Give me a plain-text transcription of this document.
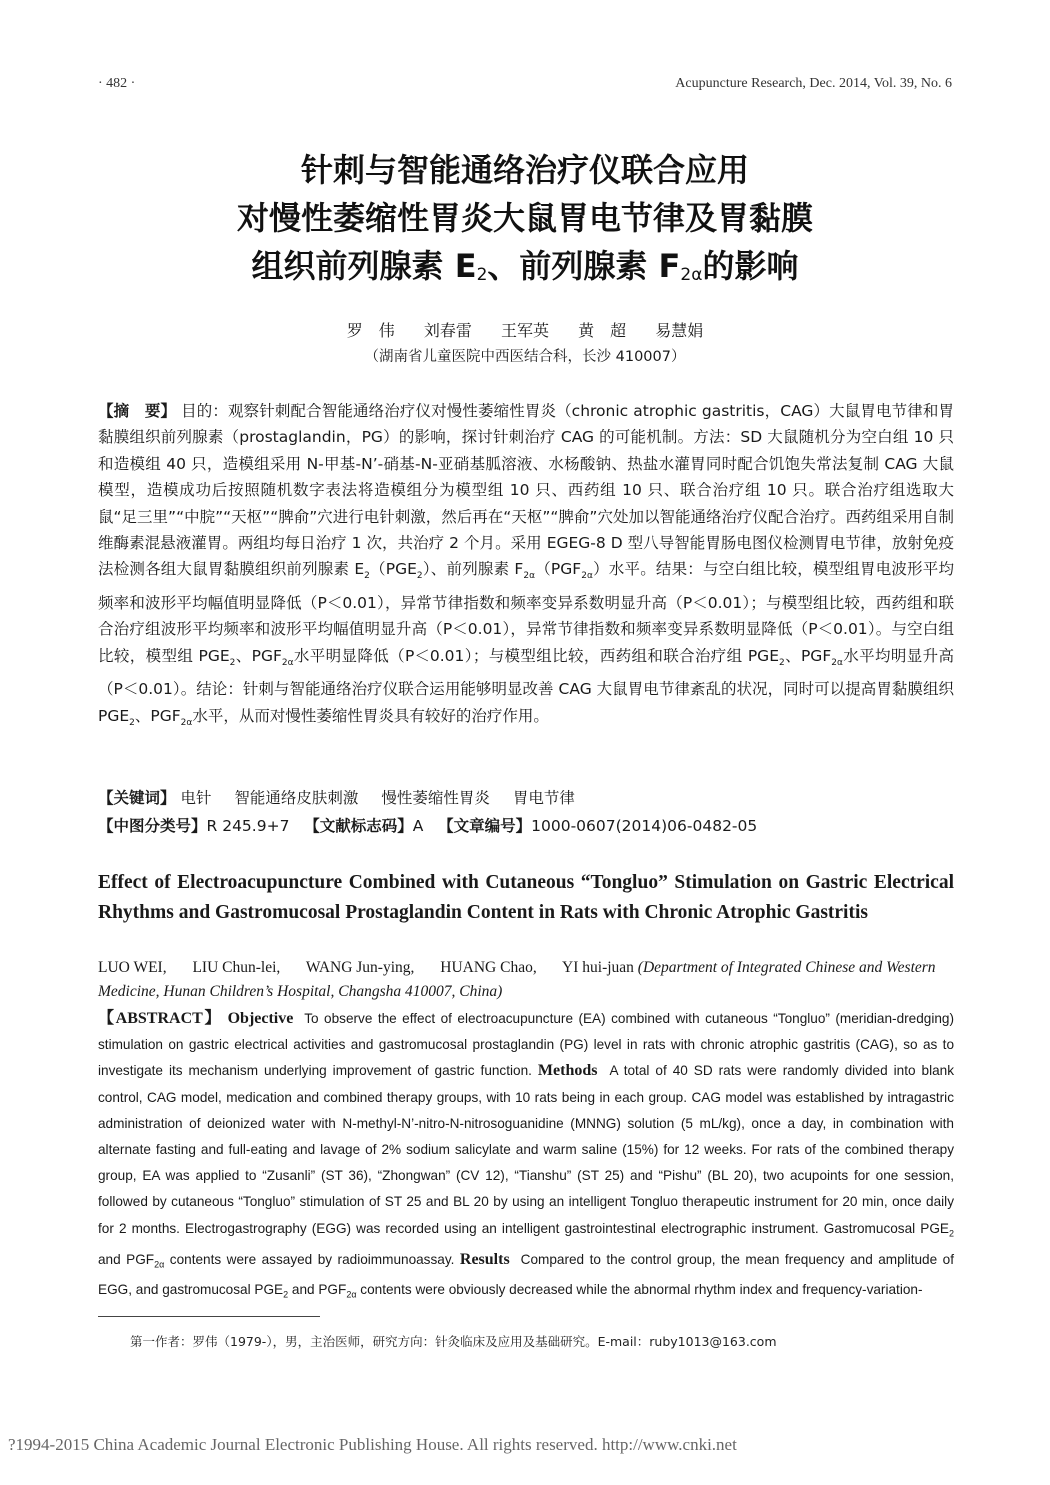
· 482 ·	Acupuncture Research, Dec. 2014, Vol. 39, No. 6
针刺与智能通络治疗仪联合应用
对慢性萎缩性胃炎大鼠胃电节律及胃黏膜
组织前列腺素 $E_2$、前列腺素 $F_{2\alpha}$的影响
罗　伟 刘春雷 王军英 黄　超 易慧娟
（湖南省儿童医院中西医结合科，长沙 410007）
【摘　要】 目的：观察针刺配合智能通络治疗仪对慢性萎缩性胃炎（chronic atrophic gastritis，CAG）大鼠胃电节律和胃黏膜组织前列腺素（prostaglandin，PG）的影响，探讨针刺治疗 CAG 的可能机制。方法：SD 大鼠随机分为空白组 10 只和造模组 40 只，造模组采用 N-甲基-N’-硝基-N-亚硝基胍溶液、水杨酸钠、热盐水灌胃同时配合饥饱失常法复制 CAG 大鼠模型，造模成功后按照随机数字表法将造模组分为模型组 10 只、西药组 10 只、联合治疗组 10 只。联合治疗组选取大鼠“足三里”“中脘”“天枢”“脾俞”穴进行电针刺激，然后再在“天枢”“脾俞”穴处加以智能通络治疗仪配合治疗。西药组采用自制维酶素混悬液灌胃。两组均每日治疗 1 次，共治疗 2 个月。采用 EGEG-8 D 型八导智能胃肠电图仪检测胃电节律，放射免疫法检测各组大鼠胃黏膜组织前列腺素 $E_2(PGE_2)$、前列腺素 $F_{2\alpha}(PGF_{2\alpha})$水平。结果：与空白组比较，模型组胃电波形平均频率和波形平均幅值明显降低（P＜0.01），异常节律指数和频率变异系数明显升高（P＜0.01）；与模型组比较，西药组和联合治疗组波形平均频率和波形平均幅值明显升高（P＜0.01），异常节律指数和频率变异系数明显降低（P＜0.01）。与空白组比较，模型组 $PGE_2$、$PGF_{2\alpha}$水平明显降低（P＜0.01）；与模型组比较，西药组和联合治疗组 $PGE_2$、$PGF_{2\alpha}$水平均明显升高（P＜0.01）。结论：针刺与智能通络治疗仪联合运用能够明显改善 CAG 大鼠胃电节律紊乱的状况，同时可以提高胃黏膜组织 $PGE_2$、$PGF_{2\alpha}$水平，从而对慢性萎缩性胃炎具有较好的治疗作用。
【关键词】 电针 智能通络皮肤刺激 慢性萎缩性胃炎 胃电节律
【中图分类号】R 245.9+7 【文献标志码】A 【文章编号】1000-0607(2014)06-0482-05
Effect of Electroacupuncture Combined with Cutaneous “Tongluo” Stimulation on Gastric Electrical Rhythms and Gastromucosal Prostaglandin Content in Rats with Chronic Atrophic Gastritis
LUO WEI, LIU Chun-lei, WANG Jun-ying, HUANG Chao, YI hui-juan (Department of Integrated Chinese and Western Medicine, Hunan Children’s Hospital, Changsha 410007, China)
【ABSTRACT】 Objective To observe the effect of electroacupuncture (EA) combined with cutaneous “Tongluo” (meridian-dredging) stimulation on gastric electrical activities and gastromucosal prostaglandin (PG) level in rats with chronic atrophic gastritis (CAG), so as to investigate its mechanism underlying improvement of gastric function. Methods A total of 40 SD rats were randomly divided into blank control, CAG model, medication and combined therapy groups, with 10 rats being in each group. CAG model was established by intragastric administration of deionized water with N-methyl-N’-nitro-N-nitrosoguanidine (MNNG) solution (5 mL/kg), once a day, in combination with alternate fasting and full-eating and lavage of 2% sodium salicylate and warm saline (15%) for 12 weeks. For rats of the combined therapy group, EA was applied to “Zusanli” (ST 36), “Zhongwan” (CV 12), “Tianshu” (ST 25) and “Pishu” (BL 20), two acupoints for one session, followed by cutaneous “Tongluo” stimulation of ST 25 and BL 20 by using an intelligent Tongluo therapeutic instrument for 20 min, once daily for 2 months. Electrogastrography (EGG) was recorded using an intelligent gastrointestinal electrographic instrument. Gastromucosal $PGE_2$ and $PGF_{2\alpha}$ contents were assayed by radioimmunoassay. Results Compared to the control group, the mean frequency and amplitude of EGG, and gastromucosal $PGE_2$ and $PGF_{2\alpha}$ contents were obviously decreased while the abnormal rhythm index and frequency-variation-
第一作者：罗伟（1979-），男，主治医师，研究方向：针灸临床及应用及基础研究。E-mail：ruby1013@163.com
?1994-2015 China Academic Journal Electronic Publishing House. All rights reserved. http://www.cnki.net
